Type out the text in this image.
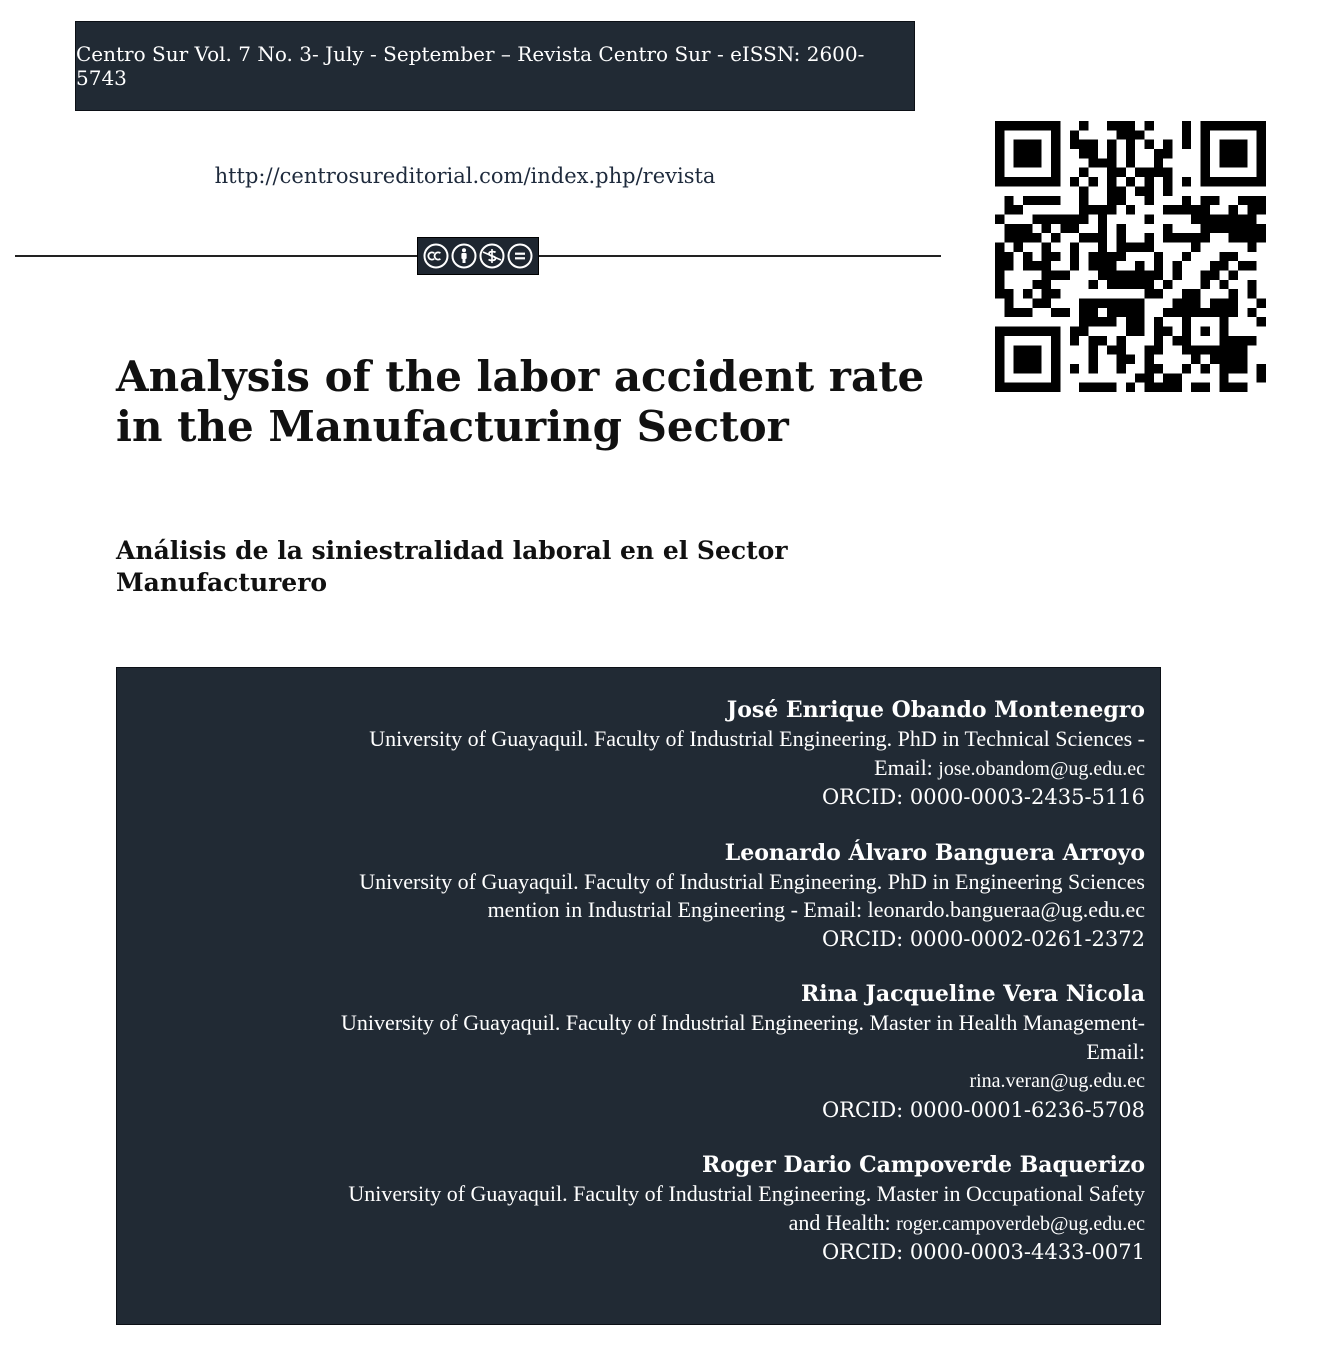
Centro Sur Vol. 7 No. 3- July - September – Revista Centro Sur - eISSN: 2600-5743
http://centrosureditorial.com/index.php/revista
Analysis of the labor accident rate
in the Manufacturing Sector
Análisis de la siniestralidad laboral en el Sector
Manufacturero
José Enrique Obando Montenegro
University of Guayaquil. Faculty of Industrial Engineering. PhD in Technical Sciences -
Email: jose.obandom@ug.edu.ec
ORCID: 0000-0003-2435-5116
Leonardo Álvaro Banguera Arroyo
University of Guayaquil. Faculty of Industrial Engineering. PhD in Engineering Sciences
mention in Industrial Engineering - Email: leonardo.bangueraa@ug.edu.ec
ORCID: 0000-0002-0261-2372
Rina Jacqueline Vera Nicola
University of Guayaquil. Faculty of Industrial Engineering. Master in Health Management-
Email:
rina.veran@ug.edu.ec
ORCID: 0000-0001-6236-5708
Roger Dario Campoverde Baquerizo
University of Guayaquil. Faculty of Industrial Engineering. Master in Occupational Safety
and Health: roger.campoverdeb@ug.edu.ec
ORCID: 0000-0003-4433-0071
